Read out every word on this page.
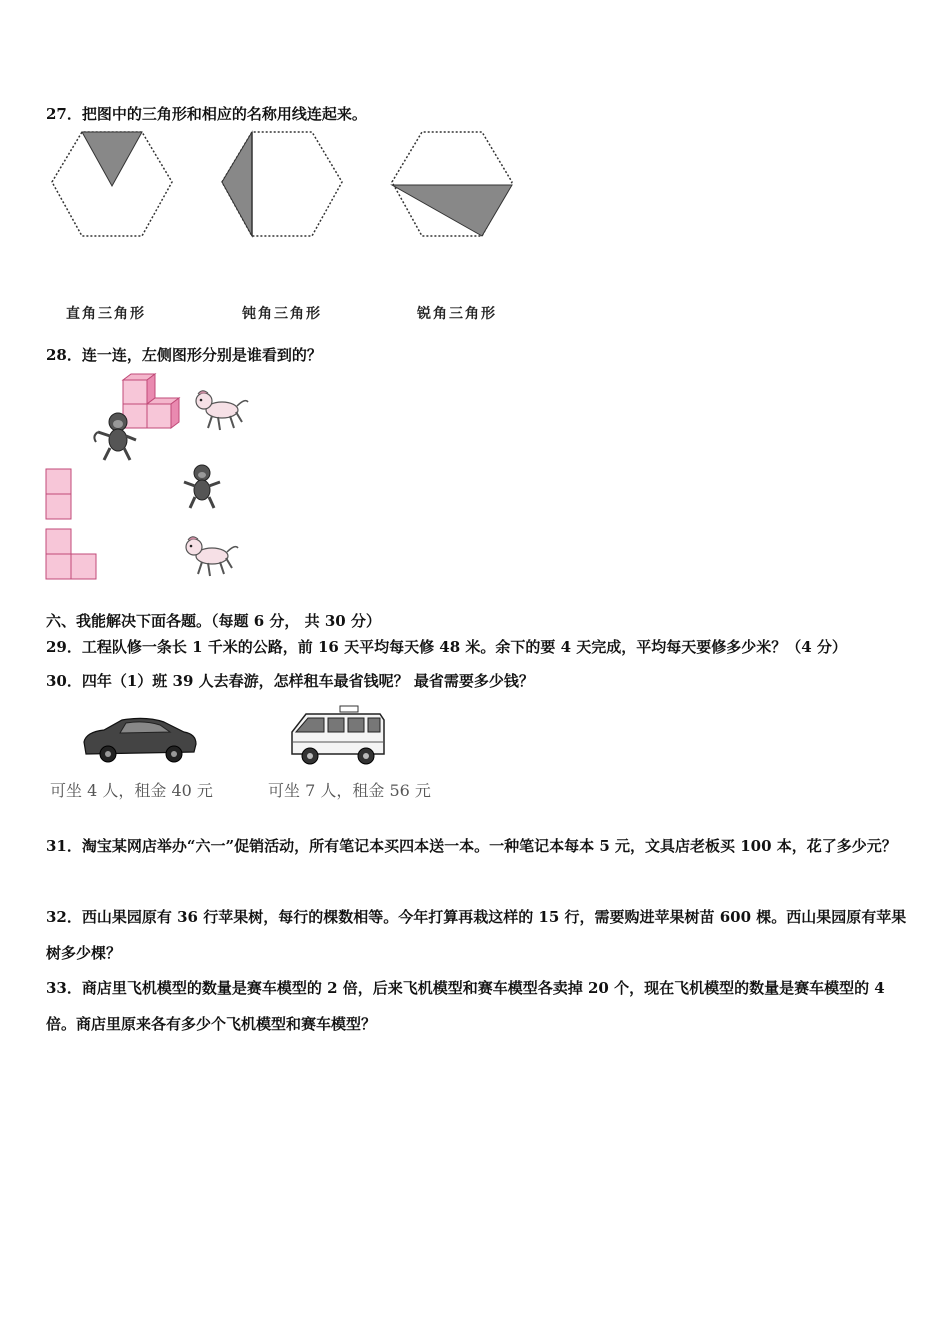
27．把图中的三角形和相应的名称用线连起来。
直角三角形	钝角三角形	锐角三角形
28．连一连，左侧图形分别是谁看到的？
六、我能解决下面各题。（每题 6 分， 共 30 分）
29．工程队修一条长 1 千米的公路，前 16 天平均每天修 48 米。余下的要 4 天完成，平均每天要修多少米？（4 分）
30．四年（1）班 39 人去春游，怎样租车最省钱呢？ 最省需要多少钱？
可坐 4 人，租金 40 元	可坐 7 人，租金 56 元
31．淘宝某网店举办“六一”促销活动，所有笔记本买四本送一本。一种笔记本每本 5 元，文具店老板买 100 本，花了多少元？
32．西山果园原有 36 行苹果树，每行的棵数相等。今年打算再栽这样的 15 行，需要购进苹果树苗 600 棵。西山果园原有苹果树多少棵？
33．商店里飞机模型的数量是赛车模型的 2 倍，后来飞机模型和赛车模型各卖掉 20 个，现在飞机模型的数量是赛车模型的 4 倍。商店里原来各有多少个飞机模型和赛车模型？
